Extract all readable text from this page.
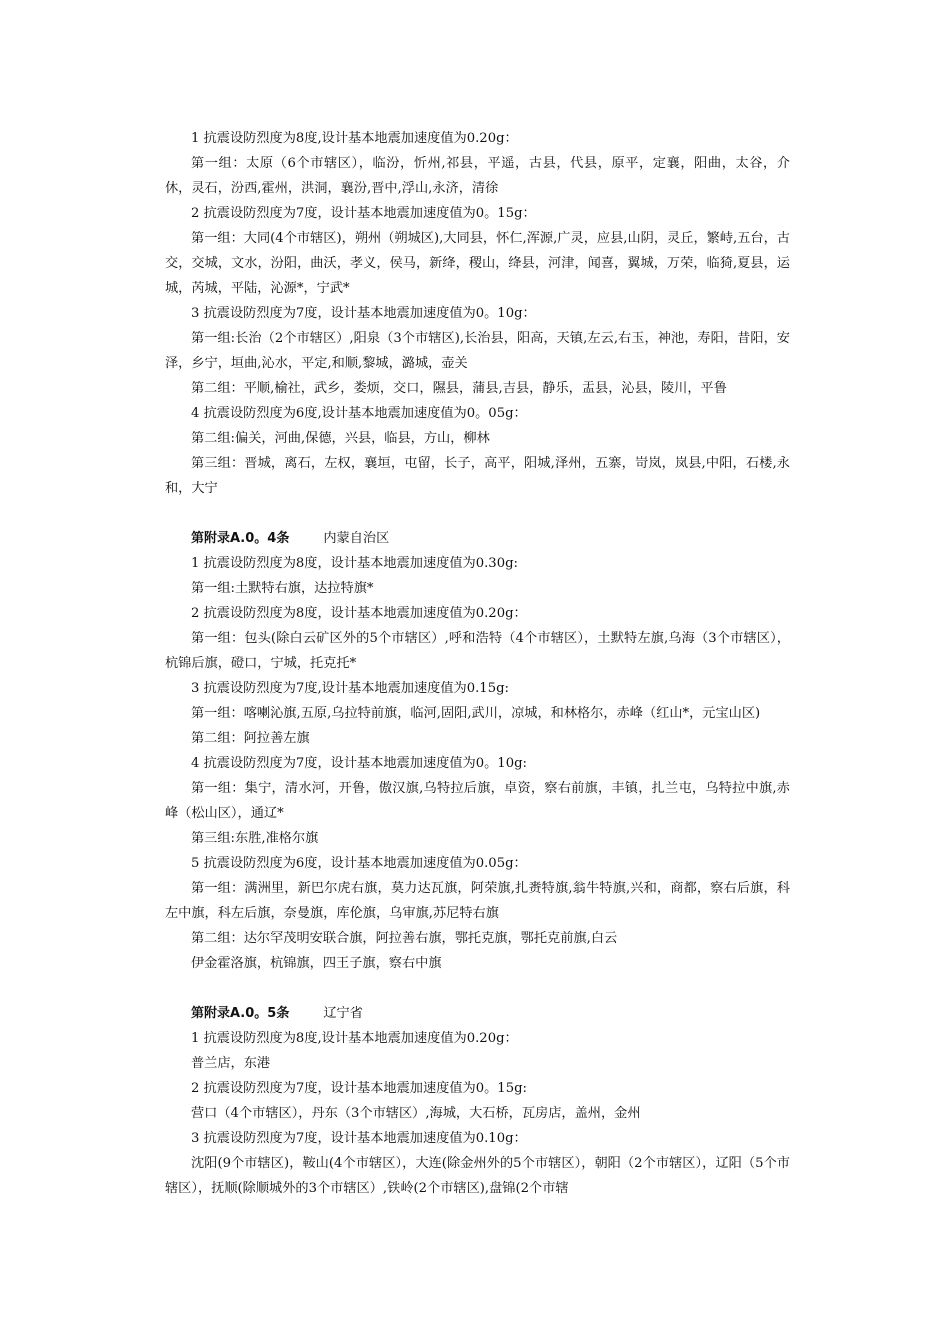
1 抗震设防烈度为8度,设计基本地震加速度值为0.20g：

第一组：太原（6个市辖区），临汾，忻州,祁县，平遥，古县，代县，原平，定襄，阳曲，太谷，介休，灵石，汾西,霍州，洪洞，襄汾,晋中,浮山,永济，清徐

2 抗震设防烈度为7度，设计基本地震加速度值为0。15g：

第一组：大同(4个市辖区)，朔州（朔城区),大同县，怀仁,浑源,广灵，应县,山阴，灵丘，繁峙,五台，古交，交城，文水，汾阳，曲沃，孝义，侯马，新绛，稷山，绛县，河津，闻喜，翼城，万荣，临猗,夏县，运城，芮城，平陆，沁源*，宁武*

3 抗震设防烈度为7度，设计基本地震加速度值为0。10g：

第一组:长治（2个市辖区）,阳泉（3个市辖区),长治县，阳高，天镇,左云,右玉，神池，寿阳，昔阳，安泽，乡宁，垣曲,沁水，平定,和顺,黎城，潞城，壶关

第二组：平顺,榆社，武乡，娄烦，交口，隰县，蒲县,吉县，静乐，盂县，沁县，陵川，平鲁

4 抗震设防烈度为6度,设计基本地震加速度值为0。05g：

第二组:偏关，河曲,保德，兴县，临县，方山，柳林

第三组：晋城，离石，左权，襄垣，屯留，长子，高平，阳城,泽州，五寨，岢岚，岚县,中阳，石楼,永和，大宁

第附录A.0。4条	内蒙自治区

1 抗震设防烈度为8度，设计基本地震加速度值为0.30g:

第一组:土默特右旗，达拉特旗*

2 抗震设防烈度为8度，设计基本地震加速度值为0.20g：

第一组：包头(除白云矿区外的5个市辖区）,呼和浩特（4个市辖区），土默特左旗,乌海（3个市辖区），杭锦后旗，磴口，宁城，托克托*

3 抗震设防烈度为7度,设计基本地震加速度值为0.15g:

第一组：喀喇沁旗,五原,乌拉特前旗，临河,固阳,武川，凉城，和林格尔，赤峰（红山*，元宝山区)

第二组：阿拉善左旗

4 抗震设防烈度为7度，设计基本地震加速度值为0。10g:

第一组：集宁，清水河，开鲁，傲汉旗,乌特拉后旗，卓资，察右前旗，丰镇，扎兰屯，乌特拉中旗,赤峰（松山区），通辽*

第三组:东胜,准格尔旗

5 抗震设防烈度为6度，设计基本地震加速度值为0.05g：

第一组：满洲里，新巴尔虎右旗，莫力达瓦旗，阿荣旗,扎赉特旗,翁牛特旗,兴和，商都，察右后旗，科左中旗，科左后旗，奈曼旗，库伦旗，乌审旗,苏尼特右旗

第二组：达尔罕茂明安联合旗，阿拉善右旗，鄂托克旗，鄂托克前旗,白云

伊金霍洛旗，杭锦旗，四王子旗，察右中旗

第附录A.0。5条	辽宁省

1 抗震设防烈度为8度,设计基本地震加速度值为0.20g：

普兰店，东港

2 抗震设防烈度为7度，设计基本地震加速度值为0。15g:

营口（4个市辖区），丹东（3个市辖区）,海城，大石桥，瓦房店，盖州，金州

3 抗震设防烈度为7度，设计基本地震加速度值为0.10g：

沈阳(9个市辖区)，鞍山(4个市辖区），大连(除金州外的5个市辖区），朝阳（2个市辖区），辽阳（5个市辖区），抚顺(除顺城外的3个市辖区）,铁岭(2个市辖区),盘锦(2个市辖
